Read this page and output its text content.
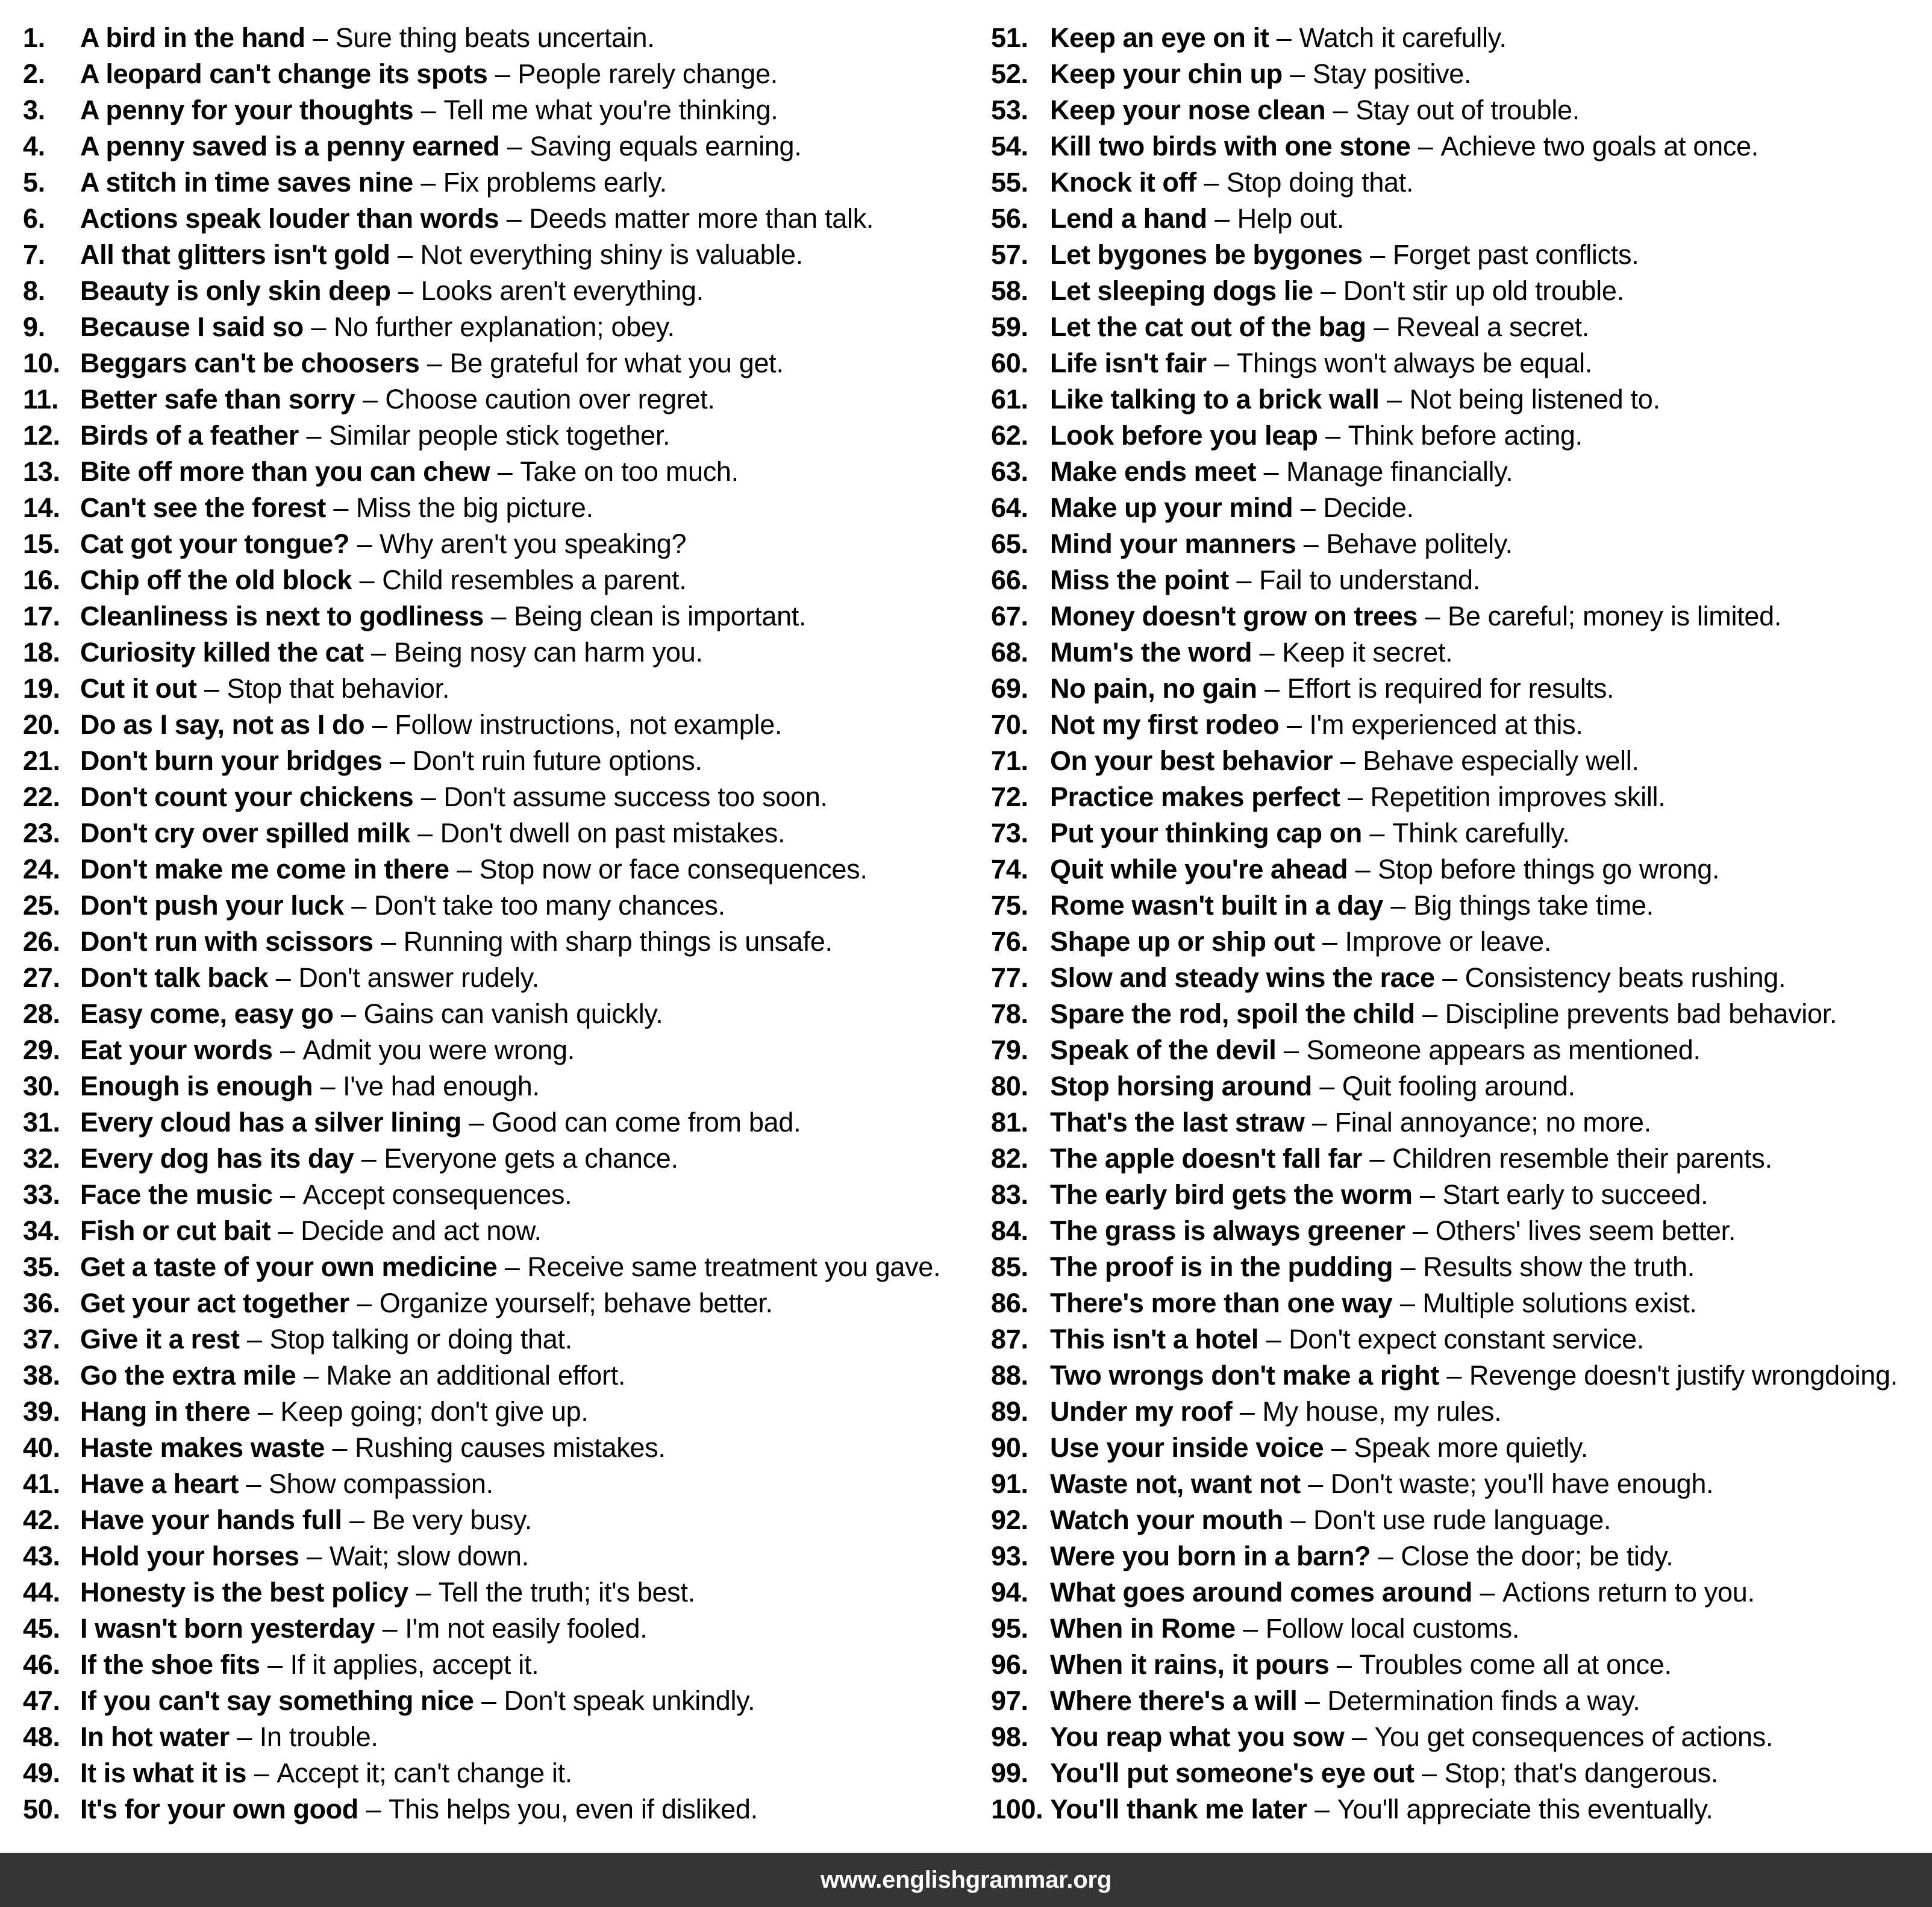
1. A bird in the hand – Sure thing beats uncertain.
2. A leopard can't change its spots – People rarely change.
3. A penny for your thoughts – Tell me what you're thinking.
4. A penny saved is a penny earned – Saving equals earning.
5. A stitch in time saves nine – Fix problems early.
6. Actions speak louder than words – Deeds matter more than talk.
7. All that glitters isn't gold – Not everything shiny is valuable.
8. Beauty is only skin deep – Looks aren't everything.
9. Because I said so – No further explanation; obey.
10. Beggars can't be choosers – Be grateful for what you get.
11. Better safe than sorry – Choose caution over regret.
12. Birds of a feather – Similar people stick together.
13. Bite off more than you can chew – Take on too much.
14. Can't see the forest – Miss the big picture.
15. Cat got your tongue? – Why aren't you speaking?
16. Chip off the old block – Child resembles a parent.
17. Cleanliness is next to godliness – Being clean is important.
18. Curiosity killed the cat – Being nosy can harm you.
19. Cut it out – Stop that behavior.
20. Do as I say, not as I do – Follow instructions, not example.
21. Don't burn your bridges – Don't ruin future options.
22. Don't count your chickens – Don't assume success too soon.
23. Don't cry over spilled milk – Don't dwell on past mistakes.
24. Don't make me come in there – Stop now or face consequences.
25. Don't push your luck – Don't take too many chances.
26. Don't run with scissors – Running with sharp things is unsafe.
27. Don't talk back – Don't answer rudely.
28. Easy come, easy go – Gains can vanish quickly.
29. Eat your words – Admit you were wrong.
30. Enough is enough – I've had enough.
31. Every cloud has a silver lining – Good can come from bad.
32. Every dog has its day – Everyone gets a chance.
33. Face the music – Accept consequences.
34. Fish or cut bait – Decide and act now.
35. Get a taste of your own medicine – Receive same treatment you gave.
36. Get your act together – Organize yourself; behave better.
37. Give it a rest – Stop talking or doing that.
38. Go the extra mile – Make an additional effort.
39. Hang in there – Keep going; don't give up.
40. Haste makes waste – Rushing causes mistakes.
41. Have a heart – Show compassion.
42. Have your hands full – Be very busy.
43. Hold your horses – Wait; slow down.
44. Honesty is the best policy – Tell the truth; it's best.
45. I wasn't born yesterday – I'm not easily fooled.
46. If the shoe fits – If it applies, accept it.
47. If you can't say something nice – Don't speak unkindly.
48. In hot water – In trouble.
49. It is what it is – Accept it; can't change it.
50. It's for your own good – This helps you, even if disliked.
51. Keep an eye on it – Watch it carefully.
52. Keep your chin up – Stay positive.
53. Keep your nose clean – Stay out of trouble.
54. Kill two birds with one stone – Achieve two goals at once.
55. Knock it off – Stop doing that.
56. Lend a hand – Help out.
57. Let bygones be bygones – Forget past conflicts.
58. Let sleeping dogs lie – Don't stir up old trouble.
59. Let the cat out of the bag – Reveal a secret.
60. Life isn't fair – Things won't always be equal.
61. Like talking to a brick wall – Not being listened to.
62. Look before you leap – Think before acting.
63. Make ends meet – Manage financially.
64. Make up your mind – Decide.
65. Mind your manners – Behave politely.
66. Miss the point – Fail to understand.
67. Money doesn't grow on trees – Be careful; money is limited.
68. Mum's the word – Keep it secret.
69. No pain, no gain – Effort is required for results.
70. Not my first rodeo – I'm experienced at this.
71. On your best behavior – Behave especially well.
72. Practice makes perfect – Repetition improves skill.
73. Put your thinking cap on – Think carefully.
74. Quit while you're ahead – Stop before things go wrong.
75. Rome wasn't built in a day – Big things take time.
76. Shape up or ship out – Improve or leave.
77. Slow and steady wins the race – Consistency beats rushing.
78. Spare the rod, spoil the child – Discipline prevents bad behavior.
79. Speak of the devil – Someone appears as mentioned.
80. Stop horsing around – Quit fooling around.
81. That's the last straw – Final annoyance; no more.
82. The apple doesn't fall far – Children resemble their parents.
83. The early bird gets the worm – Start early to succeed.
84. The grass is always greener – Others' lives seem better.
85. The proof is in the pudding – Results show the truth.
86. There's more than one way – Multiple solutions exist.
87. This isn't a hotel – Don't expect constant service.
88. Two wrongs don't make a right – Revenge doesn't justify wrongdoing.
89. Under my roof – My house, my rules.
90. Use your inside voice – Speak more quietly.
91. Waste not, want not – Don't waste; you'll have enough.
92. Watch your mouth – Don't use rude language.
93. Were you born in a barn? – Close the door; be tidy.
94. What goes around comes around – Actions return to you.
95. When in Rome – Follow local customs.
96. When it rains, it pours – Troubles come all at once.
97. Where there's a will – Determination finds a way.
98. You reap what you sow – You get consequences of actions.
99. You'll put someone's eye out – Stop; that's dangerous.
100. You'll thank me later – You'll appreciate this eventually.
www.englishgrammar.org
